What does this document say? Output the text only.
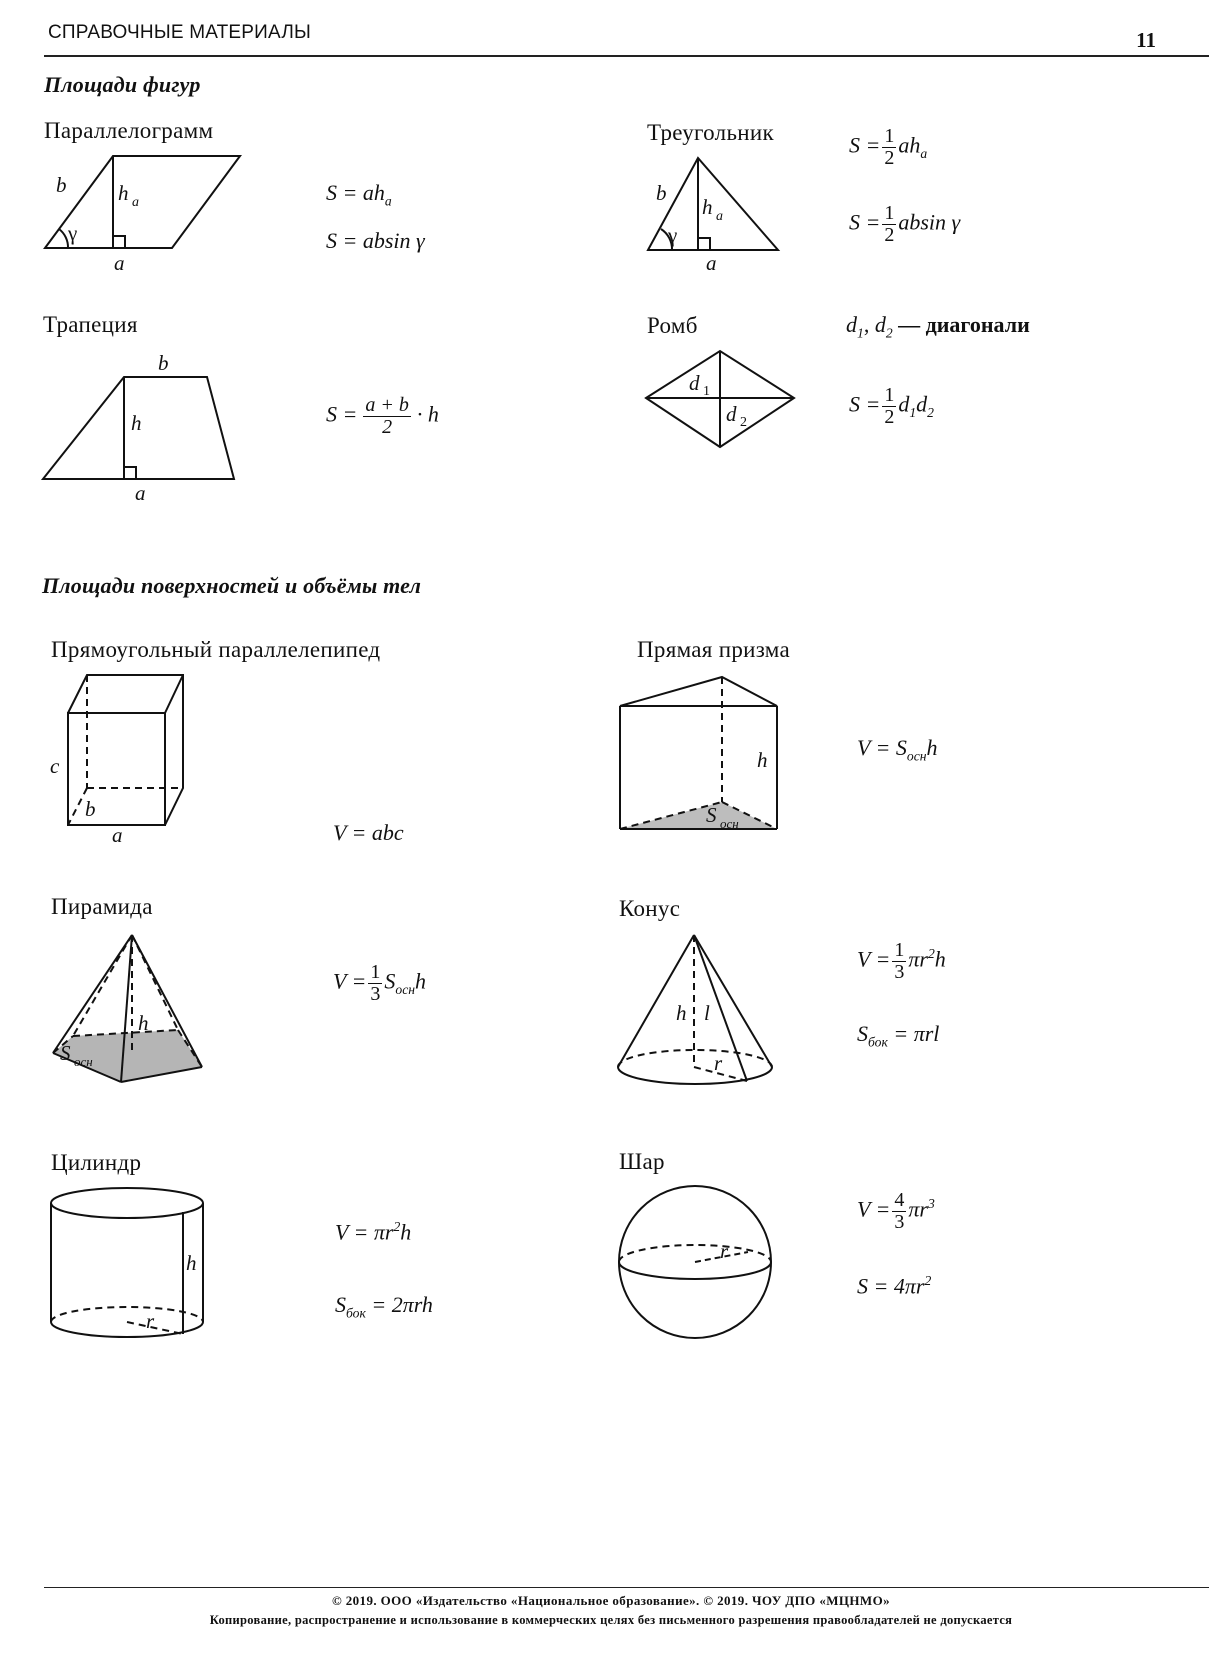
СПРАВОЧНЫЕ МАТЕРИАЛЫ	11
Площади фигур
Параллелограмм
b h a
γ
a
b
h a
γ
a
b
h
a
d 1
d 2
c
b
a
h
S осн
h
S осн
h l
r
h
r
r
$S = ah_a$
S = absin γ
Треугольник
$S = \frac{1}{2} ah_a$
$S = \frac{1}{2}$ absin γ
Трапеция
$S = \frac{a + b}{2} \cdot h$
Ромб	$d_1$, $d_2$ — диагонали
$S = \frac{1}{2} d_1d_2$
Площади поверхностей и объёмы тел
Прямоугольный параллелепипед
V = abc
Прямая призма
$V = S_{осн}h$
Пирамида
$V = \frac{1}{3} S_{осн}h$
Конус
$V = \frac{1}{3} \pi r^2h$
$S_{бок} = \pi rl$
Цилиндр
$V = \pi r^2h$
$S_{бок} = 2\pi rh$
Шар
$V = \frac{4}{3} \pi r^3$
$S = 4\pi r^2$
© 2019. ООО «Издательство «Национальное образование». © 2019. ЧОУ ДПО «МЦНМО»
Копирование, распространение и использование в коммерческих целях без письменного разрешения правообладателей не допускается
